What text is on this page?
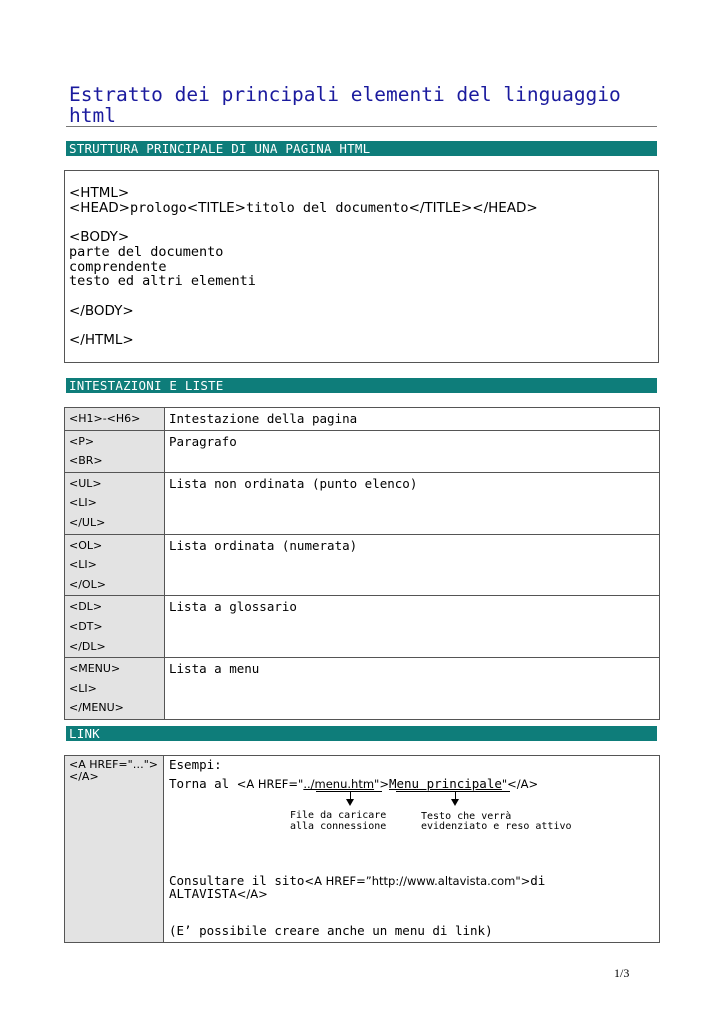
Estratto dei principali elementi del linguaggio html
STRUTTURA PRINCIPALE DI UNA PAGINA HTML
<HTML>
<HEAD>prologo<TITLE>titolo del documento</TITLE></HEAD>
<BODY>
parte del documento
comprendente
testo ed altri elementi
</BODY>
</HTML>
INTESTAZIONI E LISTE
<H1>-<H6>	Intestazione della pagina

<P>
<BR>	Paragrafo

<UL>
<LI>
</UL>	Lista non ordinata (punto elenco)

<OL>
<LI>
</OL>	Lista ordinata (numerata)

<DL>
<DT>
</DL>	Lista a glossario

<MENU>
<LI>
</MENU>	Lista a menu
LINK
<A HREF="…">
</A>
Esempi:
Torna al <A HREF="../menu.htm">Menu principale"</A>
File da caricare
alla connessione
Testo che verrà
evidenziato e reso attivo
Consultare il sito<A HREF=”http://www.altavista.com">di
ALTAVISTA</A>
(E’ possibile creare anche un menu di link)
1/3
